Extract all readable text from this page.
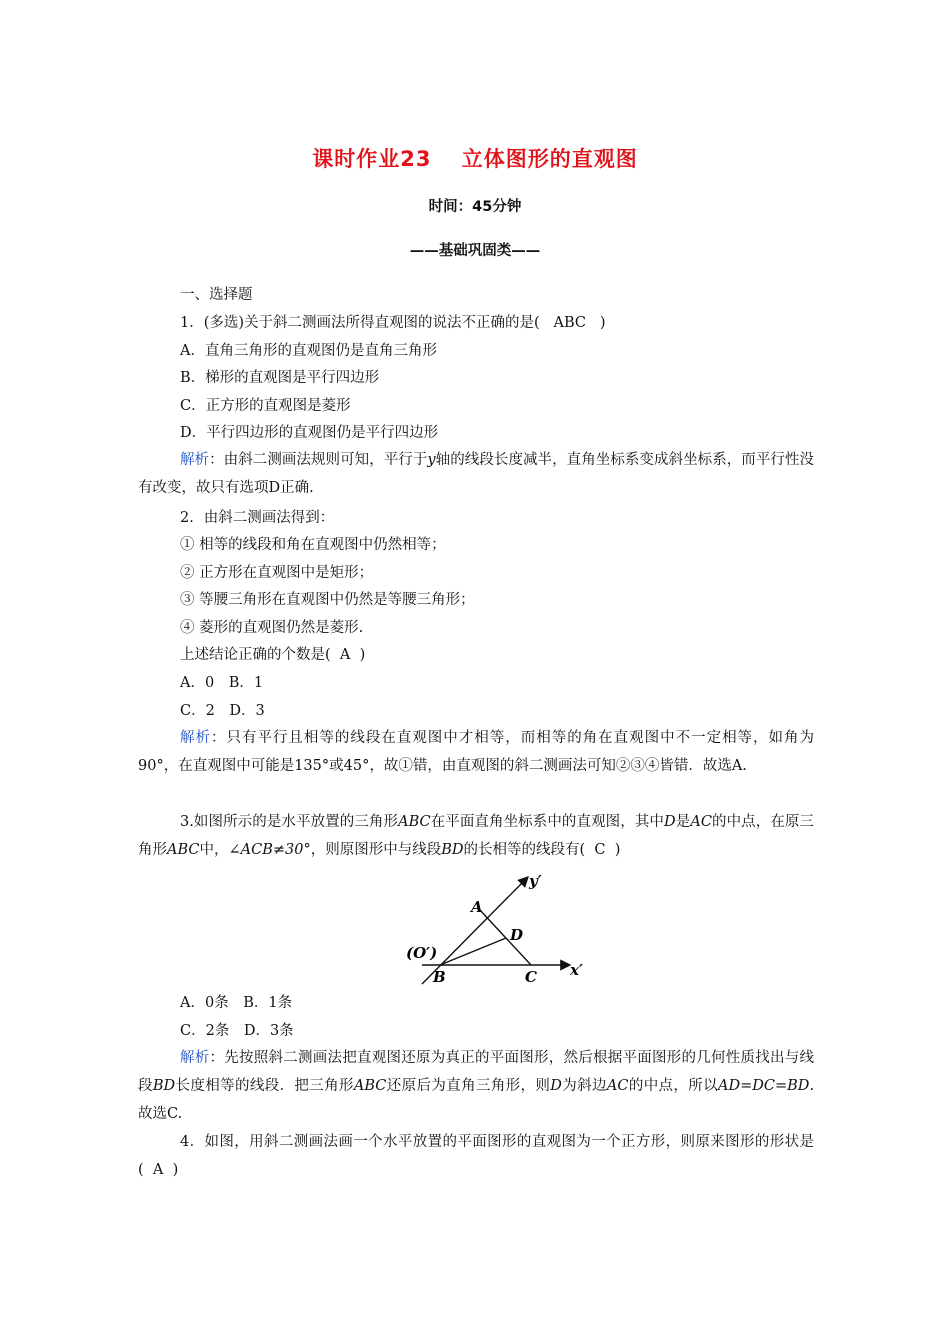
课时作业23　 立体图形的直观图
时间：45分钟
——基础巩固类——
一、选择题
1．(多选)关于斜二测画法所得直观图的说法不正确的是( ABC )
A．直角三角形的直观图仍是直角三角形
B．梯形的直观图是平行四边形
C．正方形的直观图是菱形
D．平行四边形的直观图仍是平行四边形
解析：由斜二测画法规则可知，平行于y轴的线段长度减半，直角坐标系变成斜坐标系，而平行性没有改变，故只有选项D正确.
2．由斜二测画法得到：
① 相等的线段和角在直观图中仍然相等；
② 正方形在直观图中是矩形；
③ 等腰三角形在直观图中仍然是等腰三角形；
④ 菱形的直观图仍然是菱形.
上述结论正确的个数是( A )
A．0　B．1
C．2　D．3
解析：只有平行且相等的线段在直观图中才相等，而相等的角在直观图中不一定相等，如角为90°，在直观图中可能是135°或45°，故①错，由直观图的斜二测画法可知②③④皆错．故选A.
3.如图所示的是水平放置的三角形ABC在平面直角坐标系中的直观图，其中D是AC的中点，在原三角形ABC中，∠ACB≠30°，则原图形中与线段BD的长相等的线段有( C )
y′
A
D
(O′)
B	C x′
A．0条　B．1条
C．2条　D．3条
解析：先按照斜二测画法把直观图还原为真正的平面图形，然后根据平面图形的几何性质找出与线段BD长度相等的线段．把三角形ABC还原后为直角三角形，则D为斜边AC的中点，所以AD=DC=BD. 故选C.
4．如图，用斜二测画法画一个水平放置的平面图形的直观图为一个正方形，则原来图形的形状是( A )
